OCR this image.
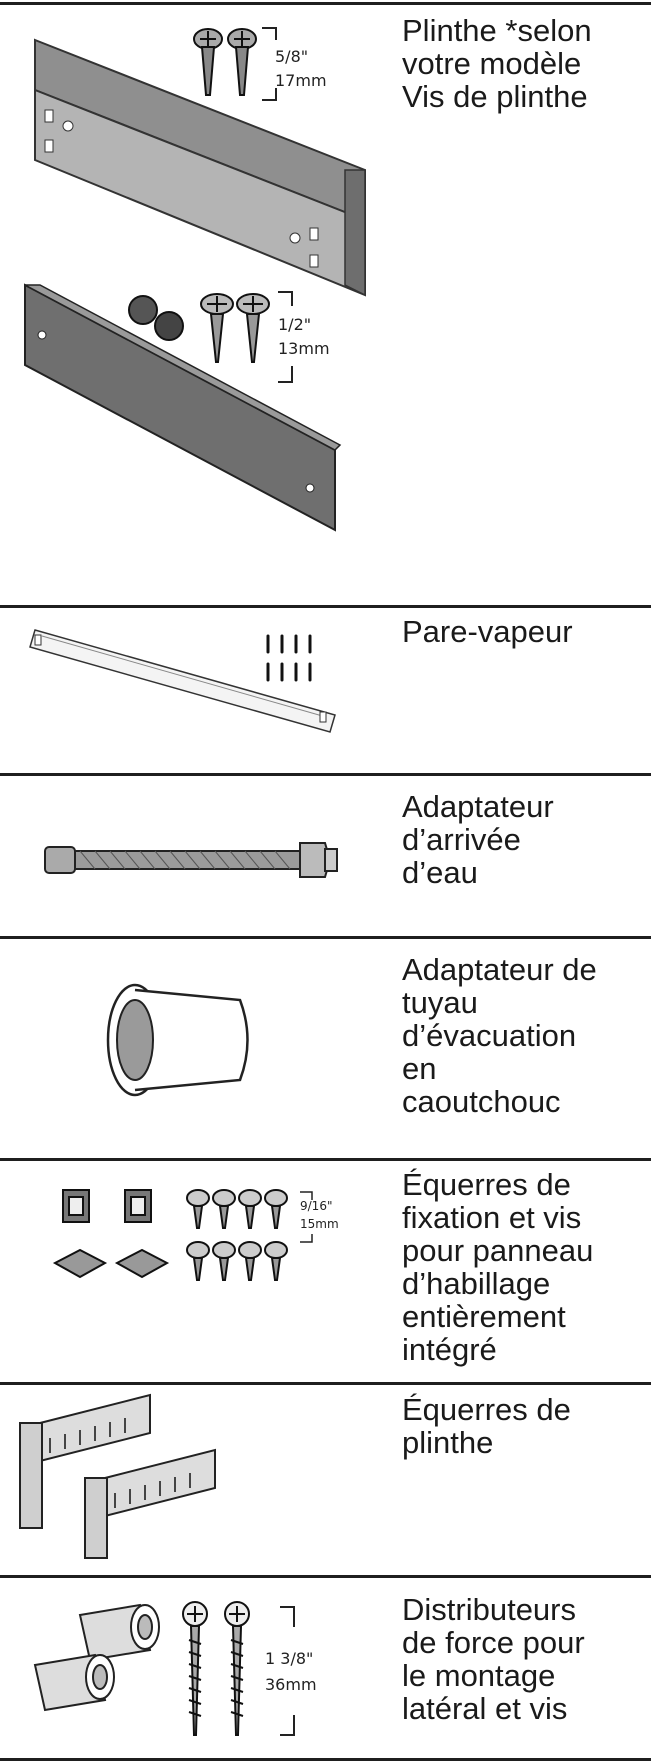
Plinthe *selon
votre modèle
Vis de plinthe
5/8"
17mm
1/2"
13mm
Pare-vapeur
Adaptateur
d’arrivée
d’eau
Adaptateur de
tuyau
d’évacuation
en
caoutchouc
Équerres de
fixation et vis
pour panneau
d’habillage
entièrement
intégré
9/16"
15mm
Équerres de
plinthe
Distributeurs
de force pour
le montage
latéral et vis
1 3/8"
36mm
